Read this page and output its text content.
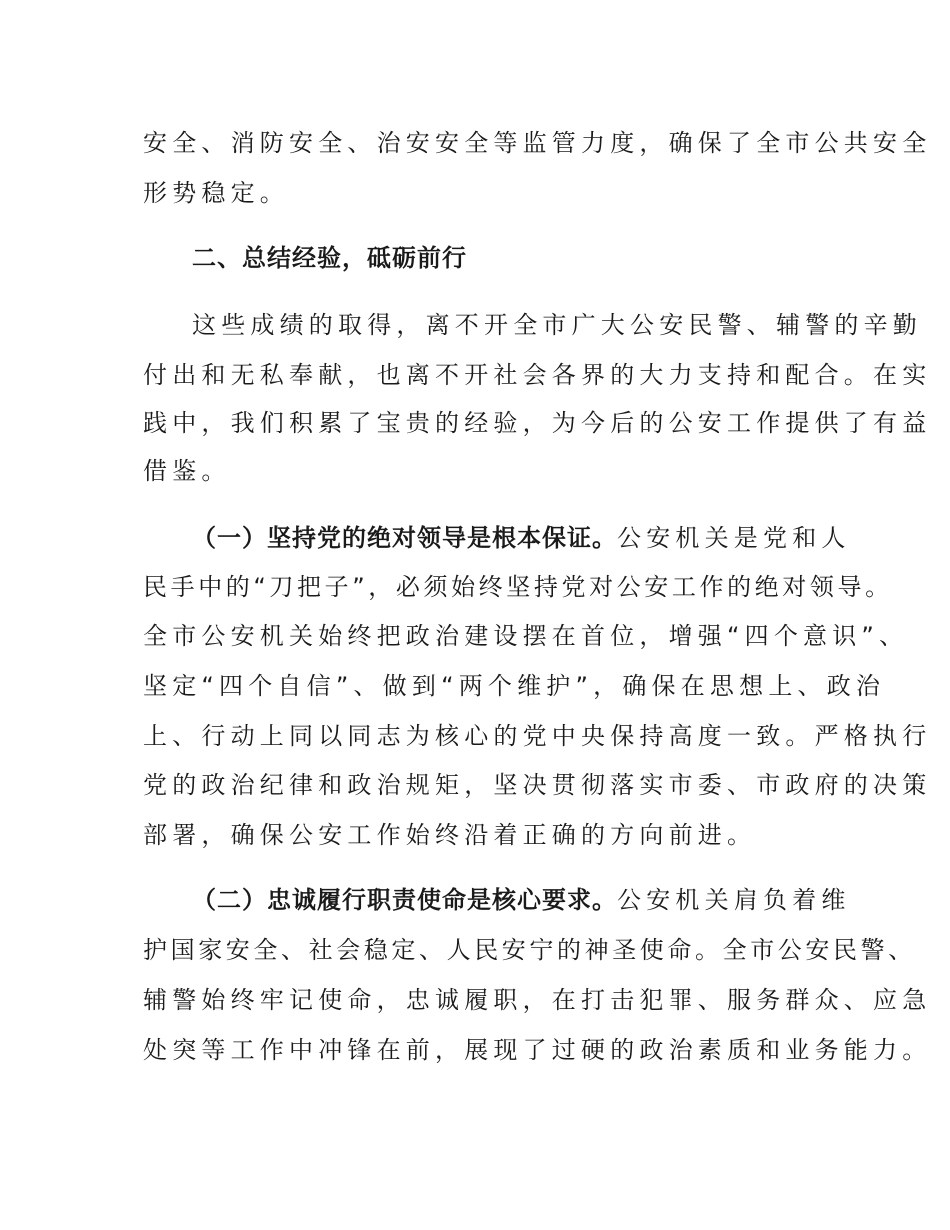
安全、消防安全、治安安全等监管力度，确保了全市公共安全
形势稳定。
二、总结经验，砥砺前行
这些成绩的取得，离不开全市广大公安民警、辅警的辛勤
付出和无私奉献，也离不开社会各界的大力支持和配合。在实
践中，我们积累了宝贵的经验，为今后的公安工作提供了有益
借鉴。
（一）坚持党的绝对领导是根本保证。公安机关是党和人
民手中的“刀把子”，必须始终坚持党对公安工作的绝对领导。
全市公安机关始终把政治建设摆在首位，增强“四个意识”、
坚定“四个自信”、做到“两个维护”，确保在思想上、政治
上、行动上同以同志为核心的党中央保持高度一致。严格执行
党的政治纪律和政治规矩，坚决贯彻落实市委、市政府的决策
部署，确保公安工作始终沿着正确的方向前进。
（二）忠诚履行职责使命是核心要求。公安机关肩负着维
护国家安全、社会稳定、人民安宁的神圣使命。全市公安民警、
辅警始终牢记使命，忠诚履职，在打击犯罪、服务群众、应急
处突等工作中冲锋在前，展现了过硬的政治素质和业务能力。
